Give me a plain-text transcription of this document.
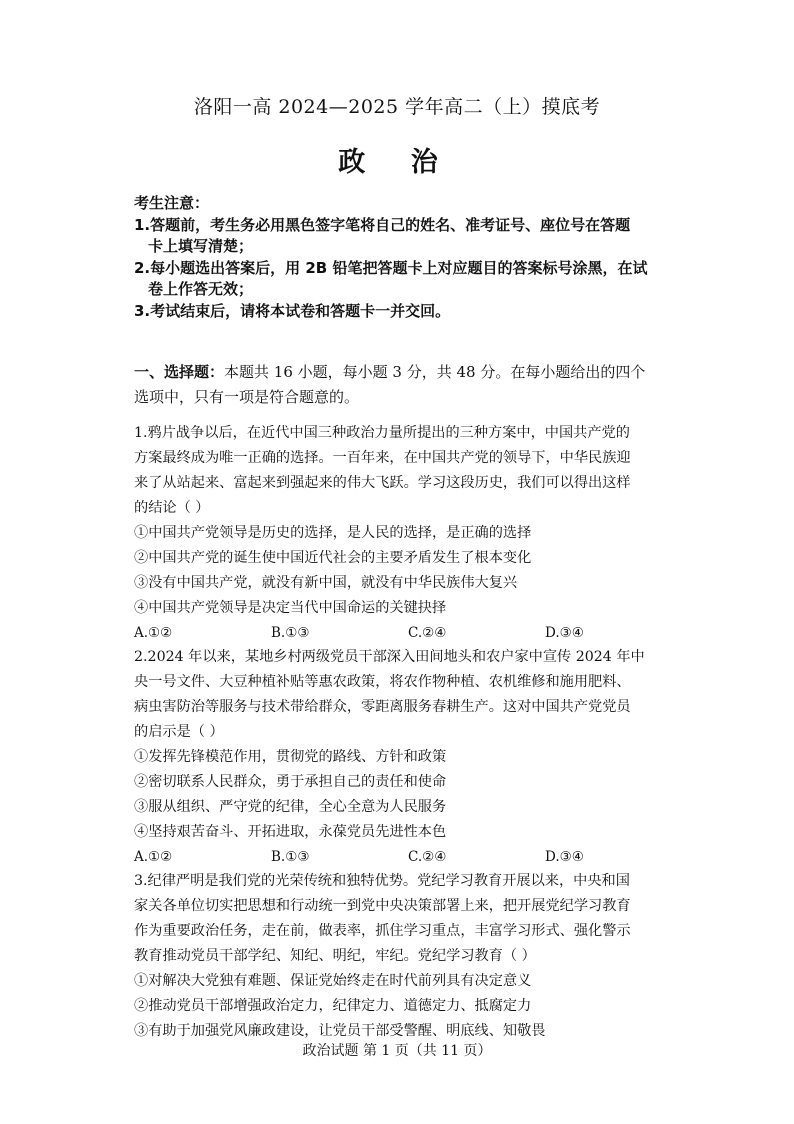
洛阳一高 2024—2025 学年高二（上）摸底考
政 治
考生注意：
1.答题前，考生务必用黑色签字笔将自己的姓名、准考证号、座位号在答题
卡上填写清楚；
2.每小题选出答案后，用 2B 铅笔把答题卡上对应题目的答案标号涂黑，在试
卷上作答无效；
3.考试结束后，请将本试卷和答题卡一并交回。
一、选择题：本题共 16 小题，每小题 3 分，共 48 分。在每小题给出的四个
选项中，只有一项是符合题意的。
1.鸦片战争以后，在近代中国三种政治力量所提出的三种方案中，中国共产党的
方案最终成为唯一正确的选择。一百年来，在中国共产党的领导下，中华民族迎
来了从站起来、富起来到强起来的伟大飞跃。学习这段历史，我们可以得出这样
的结论（ ）
①中国共产党领导是历史的选择，是人民的选择，是正确的选择
②中国共产党的诞生使中国近代社会的主要矛盾发生了根本变化
③没有中国共产党，就没有新中国，就没有中华民族伟大复兴
④中国共产党领导是决定当代中国命运的关键抉择
A.①②	B.①③	C.②④	D.③④
2.2024 年以来，某地乡村两级党员干部深入田间地头和农户家中宣传 2024 年中
央一号文件、大豆种植补贴等惠农政策，将农作物种植、农机维修和施用肥料、
病虫害防治等服务与技术带给群众，零距离服务春耕生产。这对中国共产党党员
的启示是（ ）
①发挥先锋模范作用，贯彻党的路线、方针和政策
②密切联系人民群众，勇于承担自己的责任和使命
③服从组织、严守党的纪律，全心全意为人民服务
④坚持艰苦奋斗、开拓进取，永葆党员先进性本色
A.①②	B.①③	C.②④	D.③④
3.纪律严明是我们党的光荣传统和独特优势。党纪学习教育开展以来，中央和国
家关各单位切实把思想和行动统一到党中央决策部署上来，把开展党纪学习教育
作为重要政治任务，走在前，做表率，抓住学习重点，丰富学习形式、强化警示
教育推动党员干部学纪、知纪、明纪，牢纪。党纪学习教育（ ）
①对解决大党独有难题、保证党始终走在时代前列具有决定意义
②推动党员干部增强政治定力，纪律定力、道德定力、抵腐定力
③有助于加强党风廉政建设，让党员干部受警醒、明底线、知敬畏
政治试题 第 1 页（共 11 页）
